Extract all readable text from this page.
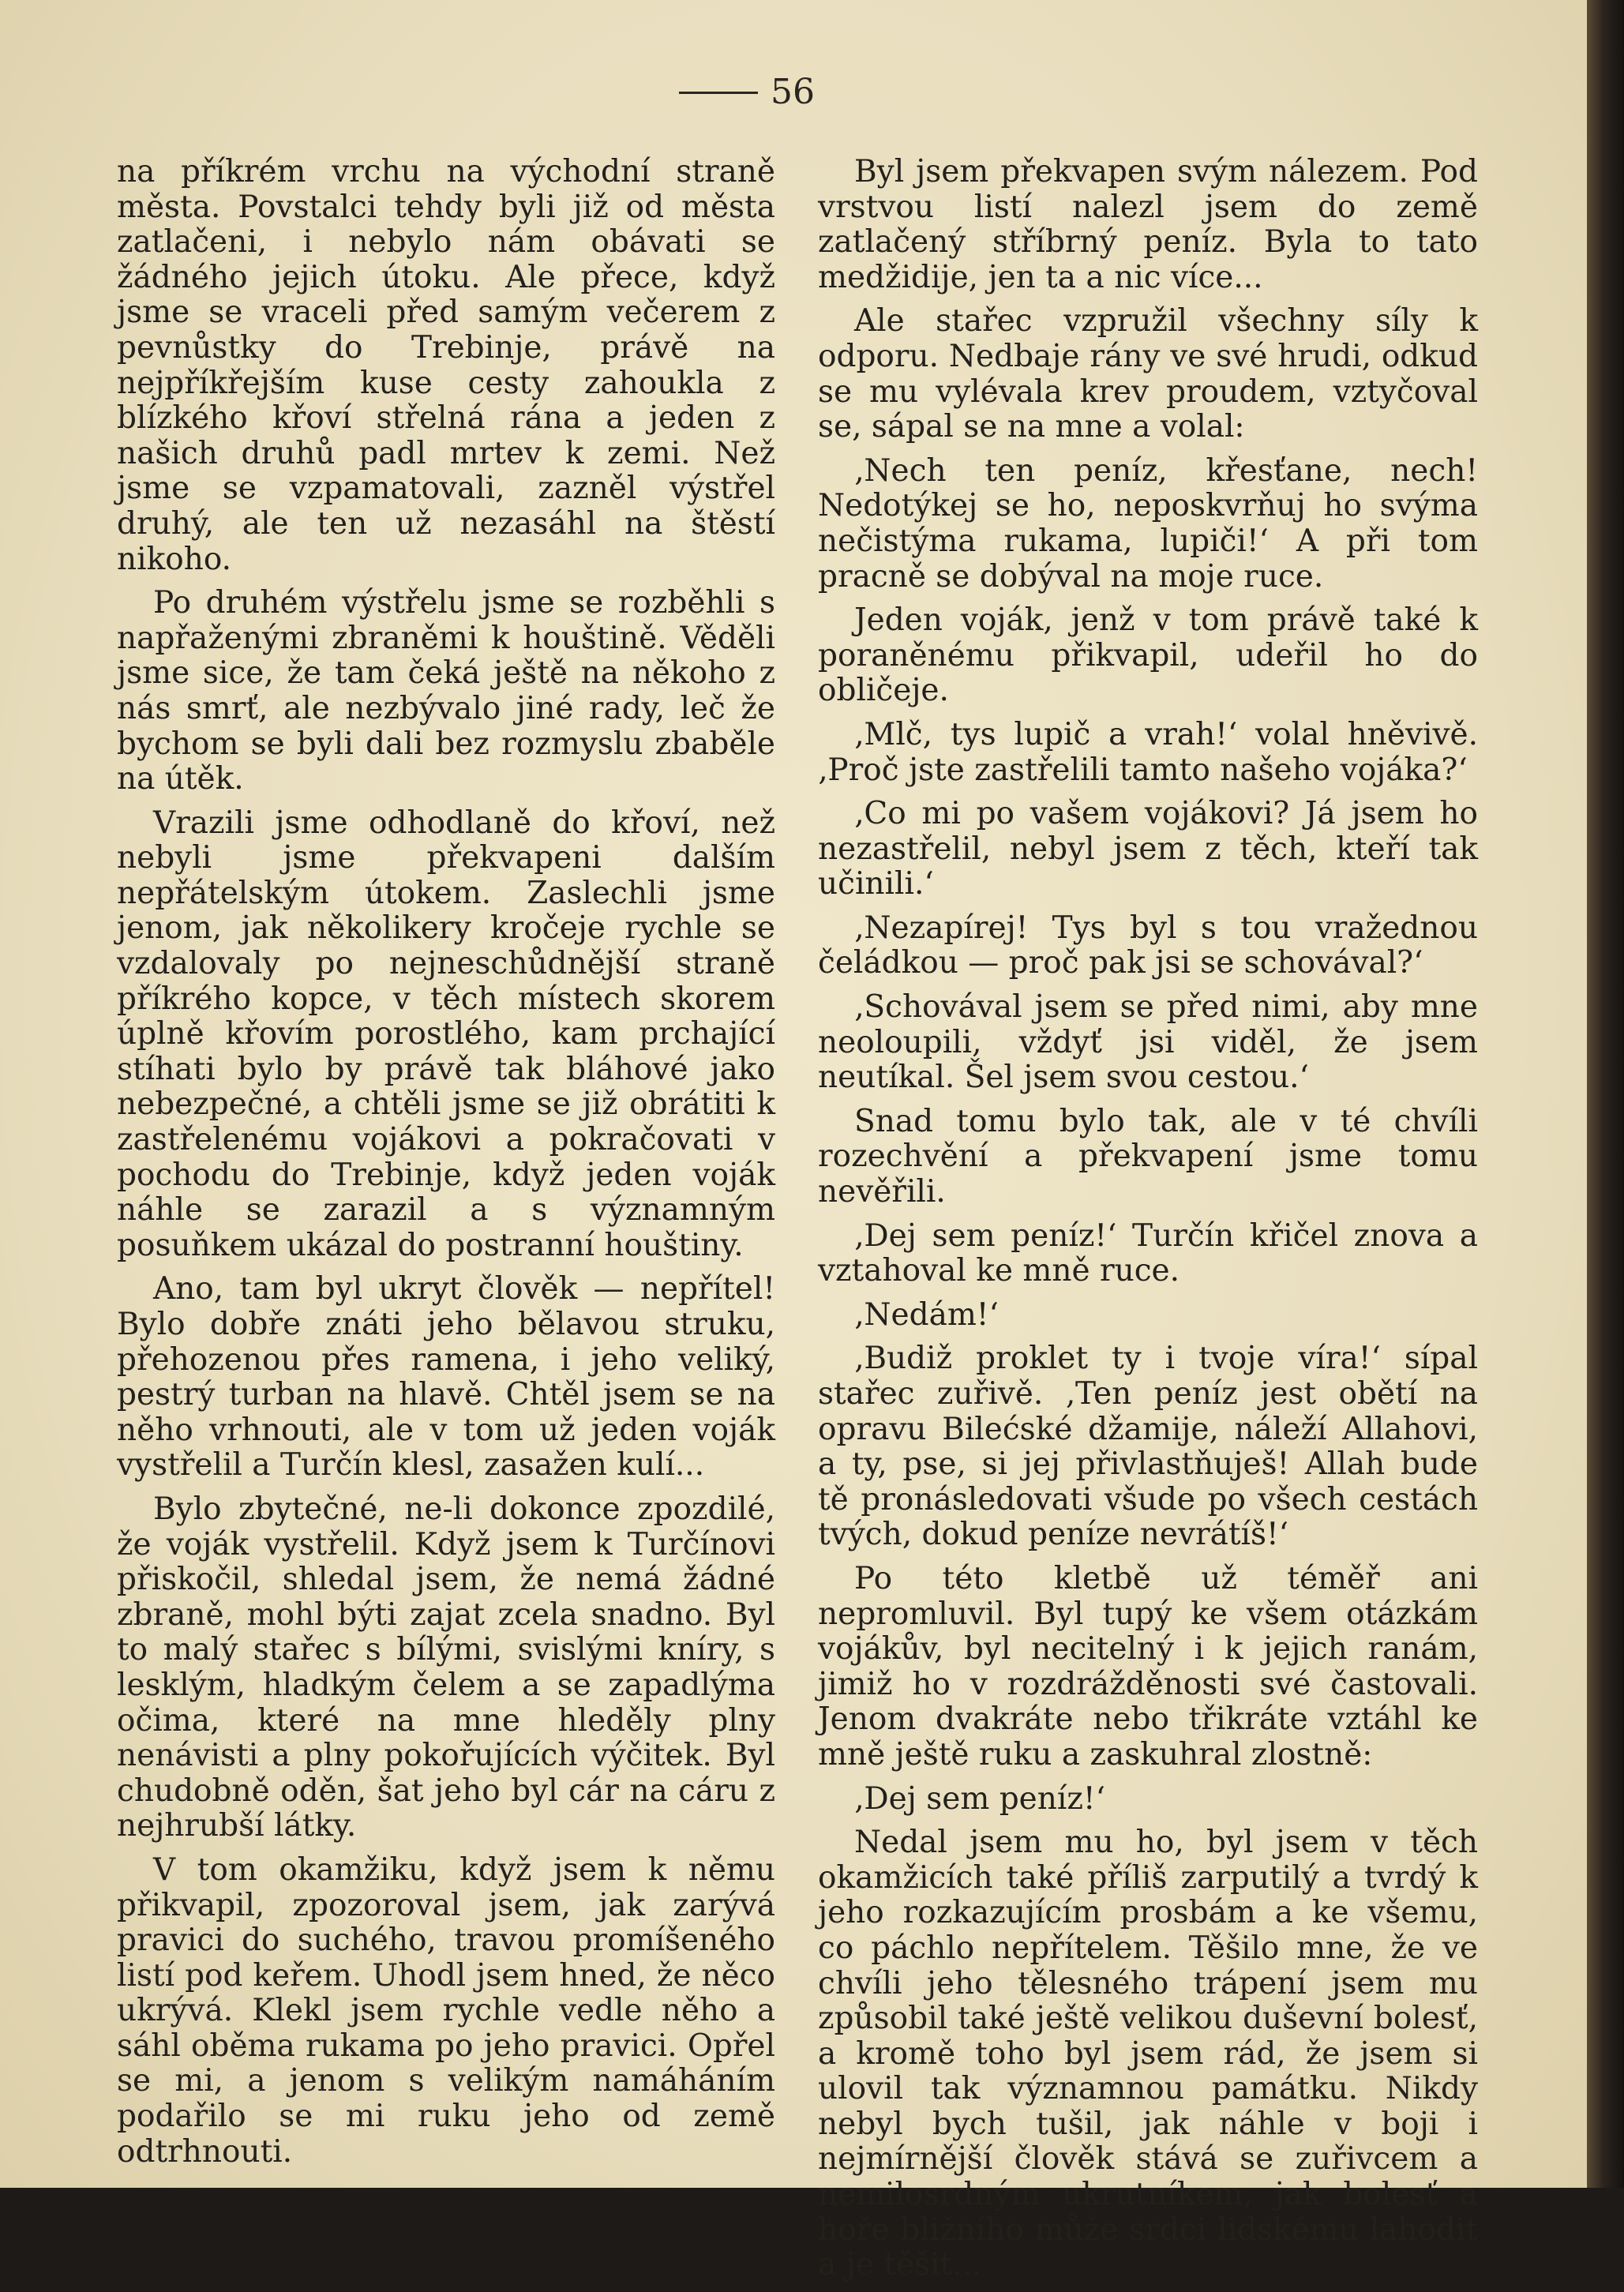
56

na příkrém vrchu na východní straně města. Povstalci tehdy byli již od města zatlačeni, i nebylo nám obávati se žádného jejich útoku. Ale přece, když jsme se vraceli před samým večerem z pevnůstky do Trebinje, právě na nejpříkřejším kuse cesty zahoukla z blízkého křoví střelná rána a jeden z našich druhů padl mrtev k zemi. Než jsme se vzpamatovali, zazněl výstřel druhý, ale ten už nezasáhl na štěstí nikoho.

Po druhém výstřelu jsme se rozběhli s napřaženými zbraněmi k houštině. Věděli jsme sice, že tam čeká ještě na někoho z nás smrť, ale nezbývalo jiné rady, leč že bychom se byli dali bez rozmyslu zbaběle na útěk.

Vrazili jsme odhodlaně do křoví, než nebyli jsme překvapeni dalším nepřátelským útokem. Zaslechli jsme jenom, jak několikery kročeje rychle se vzdalovaly po nejneschůdnější straně příkrého kopce, v těch místech skorem úplně křovím porostlého, kam prchající stíhati bylo by právě tak bláhové jako nebezpečné, a chtěli jsme se již obrátiti k zastřelenému vojákovi a pokračovati v pochodu do Trebinje, když jeden voják náhle se zarazil a s významným posuňkem ukázal do postranní houštiny.

Ano, tam byl ukryt člověk — nepřítel! Bylo dobře znáti jeho bělavou struku, přehozenou přes ramena, i jeho veliký, pestrý turban na hlavě. Chtěl jsem se na něho vrhnouti, ale v tom už jeden voják vystřelil a Turčín klesl, zasažen kulí...

Bylo zbytečné, ne-li dokonce zpozdilé, že voják vystřelil. Když jsem k Turčínovi přiskočil, shledal jsem, že nemá žádné zbraně, mohl býti zajat zcela snadno. Byl to malý stařec s bílými, svislými kníry, s lesklým, hladkým čelem a se zapadlýma očima, které na mne hleděly plny nenávisti a plny pokořujících výčitek. Byl chudobně oděn, šat jeho byl cár na cáru z nejhrubší látky.

V tom okamžiku, když jsem k němu přikvapil, zpozoroval jsem, jak zarývá pravici do suchého, travou promíšeného listí pod keřem. Uhodl jsem hned, že něco ukrývá. Klekl jsem rychle vedle něho a sáhl oběma rukama po jeho pravici. Opřel se mi, a jenom s velikým namáháním podařilo se mi ruku jeho od země odtrhnouti.

Byl jsem překvapen svým nálezem. Pod vrstvou listí nalezl jsem do země zatlačený stříbrný peníz. Byla to tato medžidije, jen ta a nic více...

Ale stařec vzpružil všechny síly k odporu. Nedbaje rány ve své hrudi, odkud se mu vylévala krev proudem, vztyčoval se, sápal se na mne a volal:

‚Nech ten peníz, křesťane, nech! Nedotýkej se ho, neposkvrňuj ho svýma nečistýma rukama, lupiči!‘ A při tom pracně se dobýval na moje ruce.

Jeden voják, jenž v tom právě také k poraněnému přikvapil, udeřil ho do obličeje.

‚Mlč, tys lupič a vrah!‘ volal hněvivě. ‚Proč jste zastřelili tamto našeho vojáka?‘

‚Co mi po vašem vojákovi? Já jsem ho nezastřelil, nebyl jsem z těch, kteří tak učinili.‘

‚Nezapírej! Tys byl s tou vražednou čeládkou — proč pak jsi se schovával?‘

‚Schovával jsem se před nimi, aby mne neoloupili, vždyť jsi viděl, že jsem neutíkal. Šel jsem svou cestou.‘

Snad tomu bylo tak, ale v té chvíli rozechvění a překvapení jsme tomu nevěřili.

‚Dej sem peníz!‘ Turčín křičel znova a vztahoval ke mně ruce.

‚Nedám!‘

‚Budiž proklet ty i tvoje víra!‘ sípal stařec zuřivě. ‚Ten peníz jest obětí na opravu Bilećské džamije, náleží Allahovi, a ty, pse, si jej přivlastňuješ! Allah bude tě pronásledovati všude po všech cestách tvých, dokud peníze nevrátíš!‘

Po této kletbě už téměř ani nepromluvil. Byl tupý ke všem otázkám vojákův, byl necitelný i k jejich ranám, jimiž ho v rozdrážděnosti své častovali. Jenom dvakráte nebo třikráte vztáhl ke mně ještě ruku a zaskuhral zlostně:

‚Dej sem peníz!‘

Nedal jsem mu ho, byl jsem v těch okamžicích také příliš zarputilý a tvrdý k jeho rozkazujícím prosbám a ke všemu, co páchlo nepřítelem. Těšilo mne, že ve chvíli jeho tělesného trápení jsem mu způsobil také ještě velikou duševní bolesť, a kromě toho byl jsem rád, že jsem si ulovil tak významnou památku. Nikdy nebyl bych tušil, jak náhle v boji i nejmírnější člověk stává se zuřivcem a nemilosrdným ukrutníkem, jak bolesť a hoře bližního může srdci lidskému lahodit a je těšit...
